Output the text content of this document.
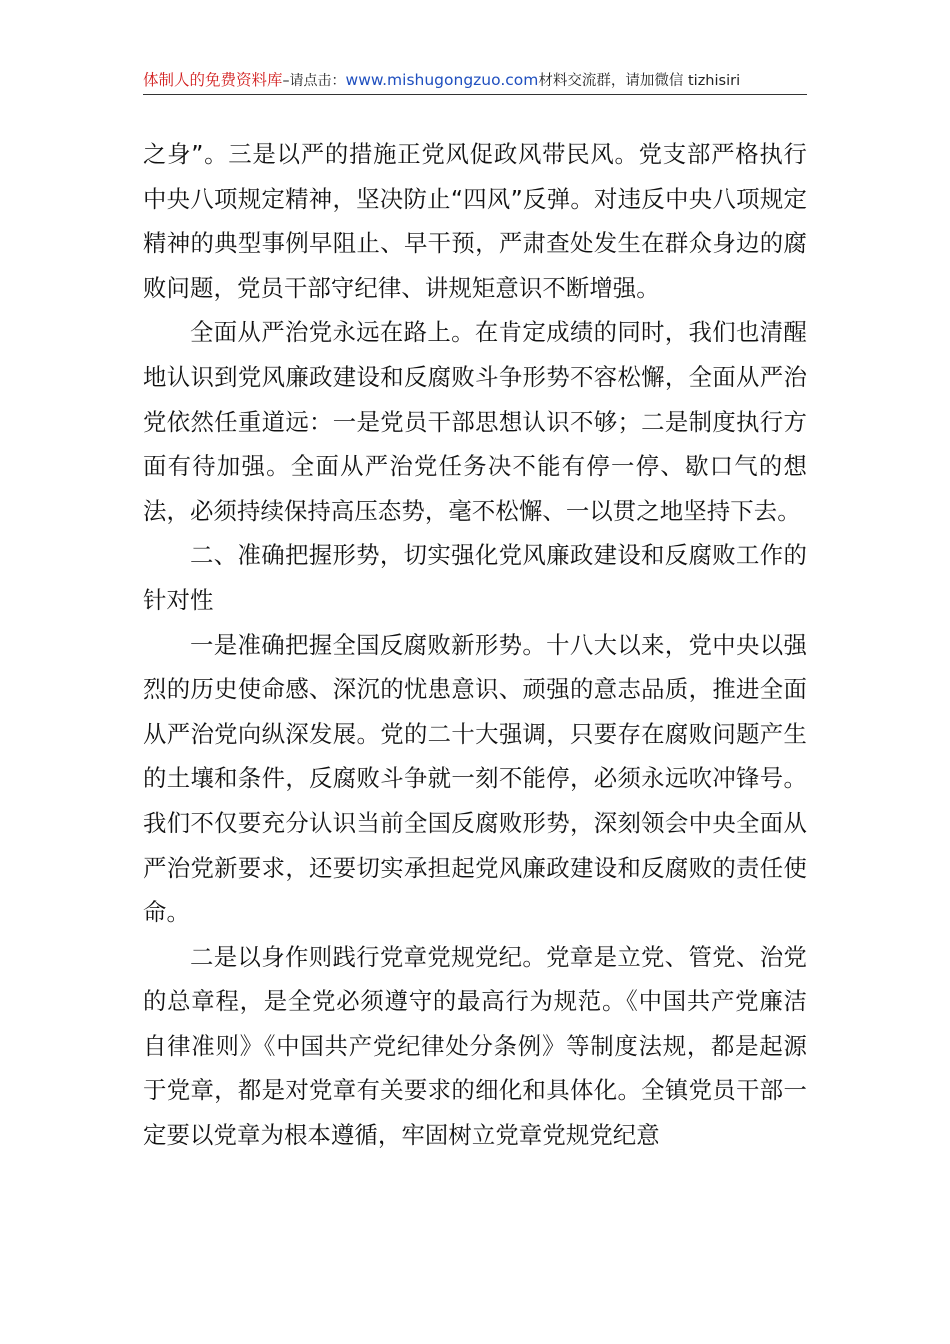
体制人的免费资料库–请点击：www.mishugongzuo.com材料交流群，请加微信 tizhisiri

之身”。三是以严的措施正党风促政风带民风。党支部严格执行中央八项规定精神，坚决防止“四风”反弹。对违反中央八项规定精神的典型事例早阻止、早干预，严肃查处发生在群众身边的腐败问题，党员干部守纪律、讲规矩意识不断增强。

全面从严治党永远在路上。在肯定成绩的同时，我们也清醒地认识到党风廉政建设和反腐败斗争形势不容松懈，全面从严治党依然任重道远：一是党员干部思想认识不够；二是制度执行方面有待加强。全面从严治党任务决不能有停一停、歇口气的想法，必须持续保持高压态势，毫不松懈、一以贯之地坚持下去。

二、准确把握形势，切实强化党风廉政建设和反腐败工作的针对性

一是准确把握全国反腐败新形势。十八大以来，党中央以强烈的历史使命感、深沉的忧患意识、顽强的意志品质，推进全面从严治党向纵深发展。党的二十大强调，只要存在腐败问题产生的土壤和条件，反腐败斗争就一刻不能停，必须永远吹冲锋号。我们不仅要充分认识当前全国反腐败形势，深刻领会中央全面从严治党新要求，还要切实承担起党风廉政建设和反腐败的责任使命。

二是以身作则践行党章党规党纪。党章是立党、管党、治党的总章程，是全党必须遵守的最高行为规范。《中国共产党廉洁自律准则》《中国共产党纪律处分条例》等制度法规，都是起源于党章，都是对党章有关要求的细化和具体化。全镇党员干部一定要以党章为根本遵循，牢固树立党章党规党纪意
